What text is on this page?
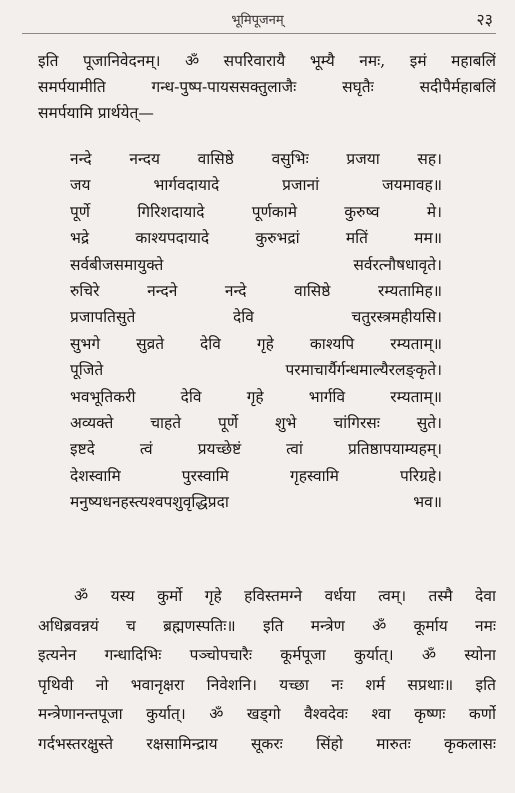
भूमिपूजनम्	२३
इति पूजानिवेदनम्। ॐ सपरिवारायै भूम्यै नमः, इमं महाबलिं
समर्पयामीति गन्ध-पुष्प-पायससक्तुलाजैः सघृतैः सदीपैर्महाबलिं
समर्पयामि प्रार्थयेत्—
नन्दे नन्दय वासिष्ठे वसुभिः प्रजया सह।
जय भार्गवदायादे प्रजानां जयमावह॥
पूर्णे गिरिशदायादे पूर्णकामे कुरुष्व मे।
भद्रे काश्यपदायादे कुरुभद्रां मतिं मम॥
सर्वबीजसमायुक्ते सर्वरत्नौषधावृते।
रुचिरे नन्दने नन्दे वासिष्ठे रम्यतामिह॥
प्रजापतिसुते देवि चतुरस्त्रमहीयसि।
सुभगे सुव्रते देवि गृहे काश्यपि रम्यताम्॥
पूजिते परमाचार्यैर्गन्धमाल्यैरलङ्कृते।
भवभूतिकरी देवि गृहे भार्गवि रम्यताम्॥
अव्यक्ते चाहते पूर्णे शुभे चांगिरसः सुते।
इष्टदे त्वं प्रयच्छेष्टं त्वां प्रतिष्ठापयाम्यहम्।
देशस्वामि पुरस्वामि गृहस्वामि परिग्रहे।
मनुष्यधनहस्त्यश्वपशुवृद्धिप्रदा	भव॥
ॐ यस्य कुर्मो गृहे हविस्तमग्ने वर्धया त्वम्। तस्मै देवा
अधिब्रवन्नयं च ब्रह्मणस्पतिः॥ इति मन्त्रेण ॐ कूर्माय नमः
इत्यनेन गन्धादिभिः पञ्चोपचारैः कूर्मपूजा कुर्यात्। ॐ स्योना
पृथिवी नो भवानृक्षरा निवेशनि। यच्छा नः शर्म सप्रथाः॥ इति
मन्त्रेणानन्तपूजा कुर्यात्। ॐ खड्गो वैश्वदेवः श्वा कृष्णः कर्णो
गर्दभस्तरक्षुस्ते रक्षसामिन्द्राय सूकरः सिंहो मारुतः कृकलासः
